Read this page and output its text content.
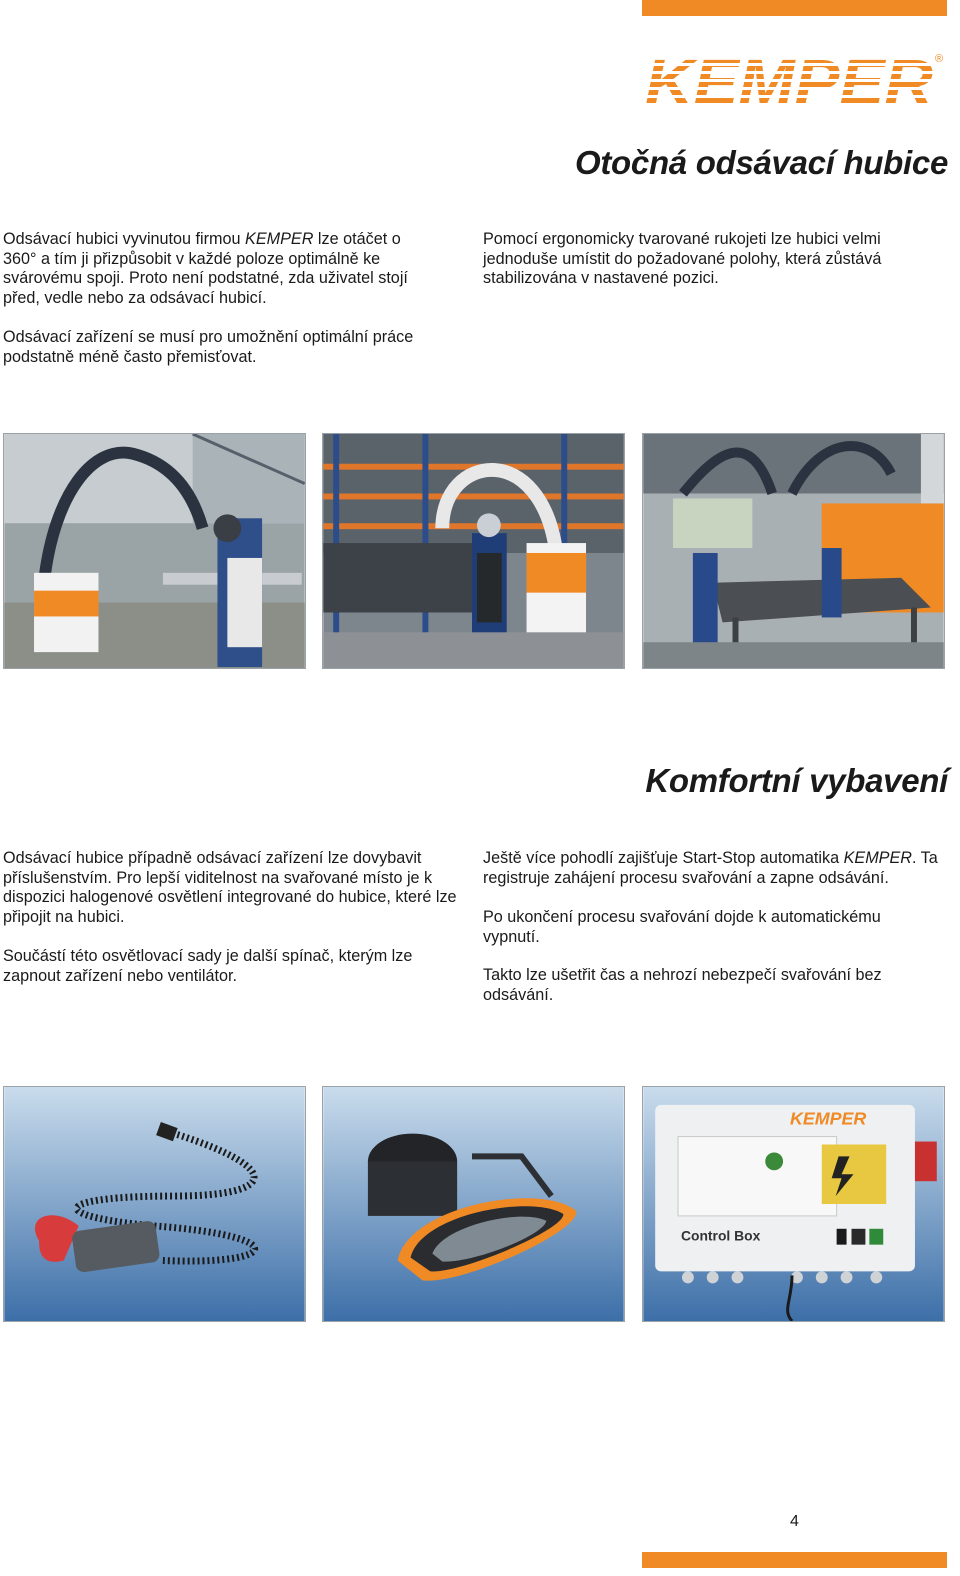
KEMPER ®
Otočná odsávací hubice

Odsávací hubici vyvinutou firmou KEMPER lze otáčet o 360° a tím ji přizpůsobit v každé poloze optimálně ke svárovému spoji. Proto není podstatné, zda uživatel stojí před, vedle nebo za odsávací hubicí.

Odsávací zařízení se musí pro umožnění optimální práce podstatně méně často přemisťovat.

Pomocí ergonomicky tvarované rukojeti lze hubici velmi jednoduše umístit do požadované polohy, která zůstává stabilizována v nastavené pozici.

Komfortní vybavení

Odsávací hubice případně odsávací zařízení lze dovybavit příslušenstvím. Pro lepší viditelnost na svařované místo je k dispozici halogenové osvětlení integrované do hubice, které lze připojit na hubici.

Součástí této osvětlovací sady je další spínač, kterým lze zapnout zařízení nebo ventilátor.

Ještě více pohodlí zajišťuje Start-Stop automatika KEMPER. Ta registruje zahájení procesu svařování a zapne odsávání.

Po ukončení procesu svařování dojde k automatickému vypnutí.

Takto lze ušetřit čas a nehrozí nebezpečí svařování bez odsávání.

KEMPER
Control Box
4
